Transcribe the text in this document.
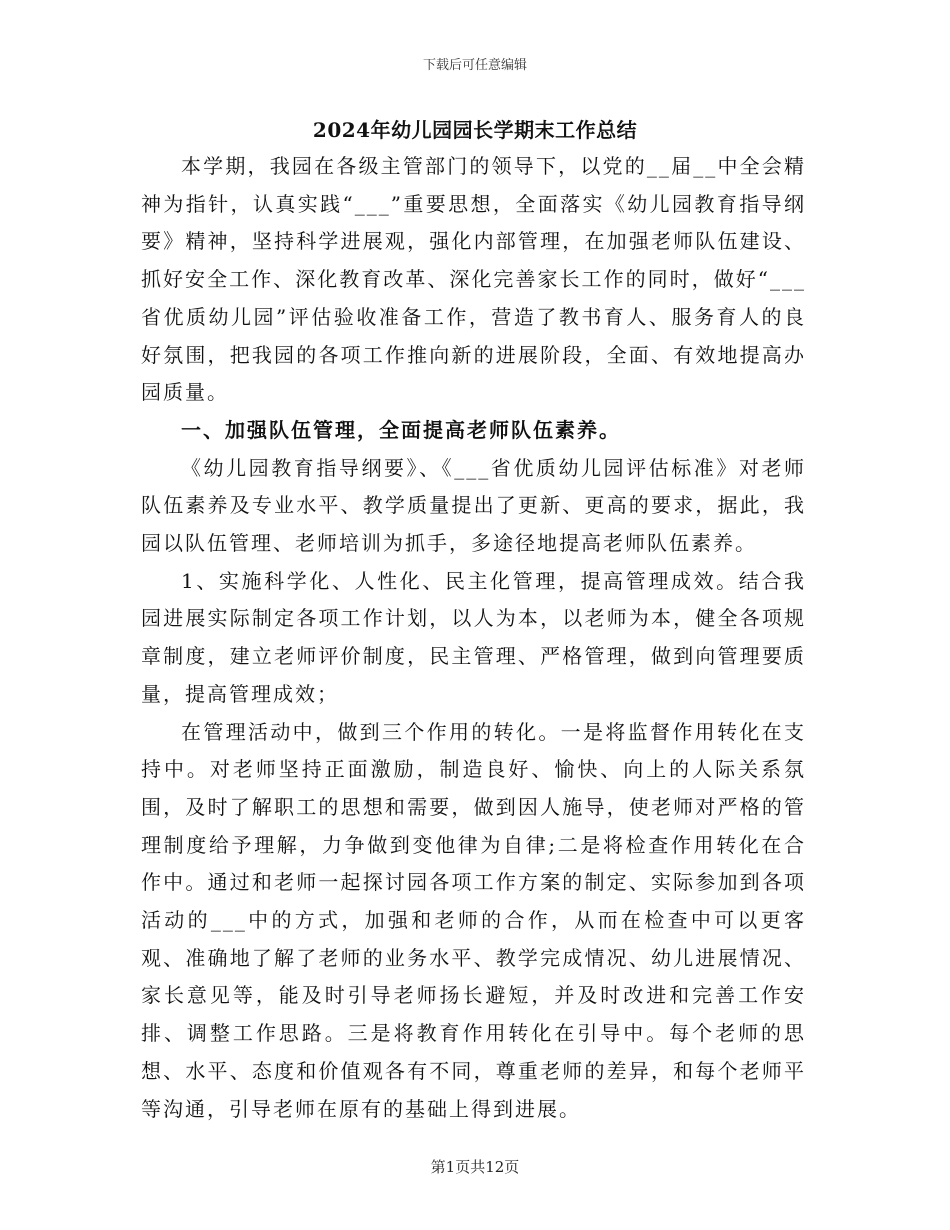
下载后可任意编辑
2024年幼儿园园长学期末工作总结

本学期，我园在各级主管部门的领导下，以党的__届__中全会精神为指针，认真实践“___”重要思想，全面落实《幼儿园教育指导纲要》精神，坚持科学进展观，强化内部管理，在加强老师队伍建设、抓好安全工作、深化教育改革、深化完善家长工作的同时，做好“___省优质幼儿园”评估验收准备工作，营造了教书育人、服务育人的良好氛围，把我园的各项工作推向新的进展阶段，全面、有效地提高办园质量。

一、加强队伍管理，全面提高老师队伍素养。

《幼儿园教育指导纲要》、《___省优质幼儿园评估标准》对老师队伍素养及专业水平、教学质量提出了更新、更高的要求，据此，我园以队伍管理、老师培训为抓手，多途径地提高老师队伍素养。

1、实施科学化、人性化、民主化管理，提高管理成效。结合我园进展实际制定各项工作计划，以人为本，以老师为本，健全各项规章制度，建立老师评价制度，民主管理、严格管理，做到向管理要质量，提高管理成效；

在管理活动中，做到三个作用的转化。一是将监督作用转化在支持中。对老师坚持正面激励，制造良好、愉快、向上的人际关系氛围，及时了解职工的思想和需要，做到因人施导，使老师对严格的管理制度给予理解，力争做到变他律为自律;二是将检查作用转化在合作中。通过和老师一起探讨园各项工作方案的制定、实际参加到各项活动的___中的方式，加强和老师的合作，从而在检查中可以更客观、准确地了解了老师的业务水平、教学完成情况、幼儿进展情况、家长意见等，能及时引导老师扬长避短，并及时改进和完善工作安排、调整工作思路。三是将教育作用转化在引导中。每个老师的思想、水平、态度和价值观各有不同，尊重老师的差异，和每个老师平等沟通，引导老师在原有的基础上得到进展。

第1页共12页
